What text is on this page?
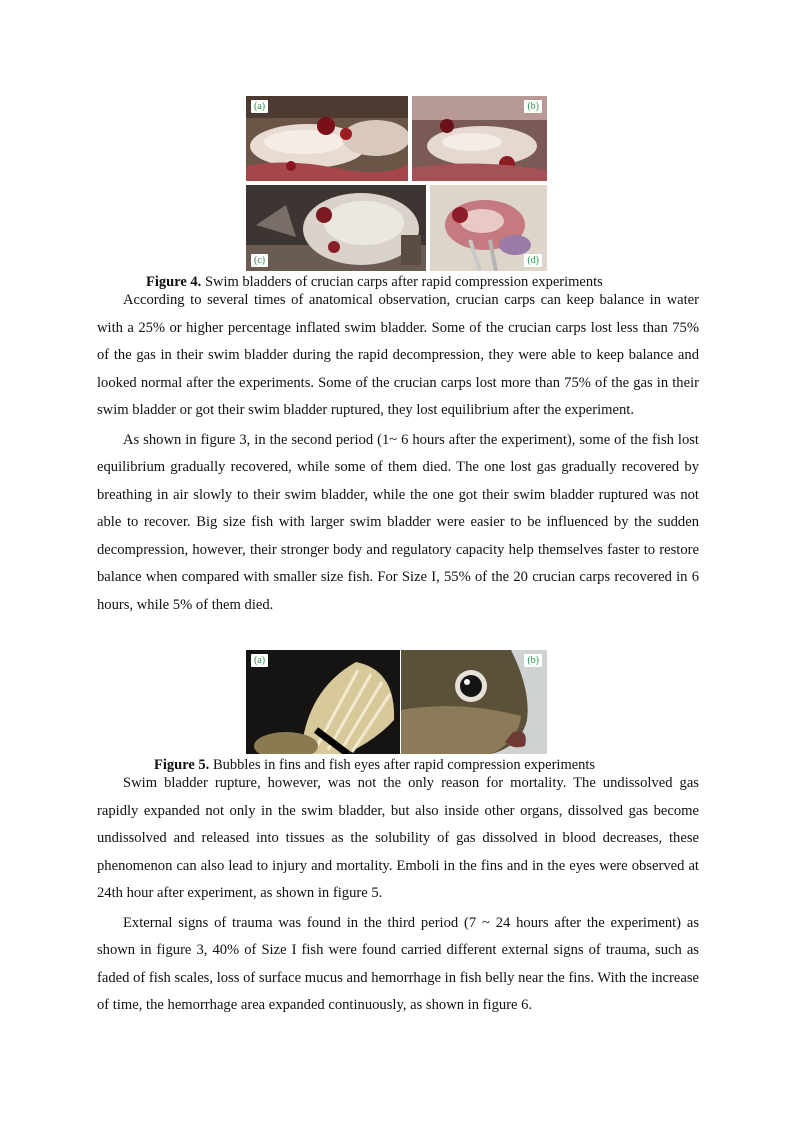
(a)	(b)
(c)	(d)
Figure 4. Swim bladders of crucian carps after rapid compression experiments

According to several times of anatomical observation, crucian carps can keep balance in water with a 25% or higher percentage inflated swim bladder. Some of the crucian carps lost less than 75% of the gas in their swim bladder during the rapid decompression, they were able to keep balance and looked normal after the experiments. Some of the crucian carps lost more than 75% of the gas in their swim bladder or got their swim bladder ruptured, they lost equilibrium after the experiment.

As shown in figure 3, in the second period (1~ 6 hours after the experiment), some of the fish lost equilibrium gradually recovered, while some of them died. The one lost gas gradually recovered by breathing in air slowly to their swim bladder, while the one got their swim bladder ruptured was not able to recover. Big size fish with larger swim bladder were easier to be influenced by the sudden decompression, however, their stronger body and regulatory capacity help themselves faster to restore balance when compared with smaller size fish. For Size I, 55% of the 20 crucian carps recovered in 6 hours, while 5% of them died.

(a)	(b)
Figure 5. Bubbles in fins and fish eyes after rapid compression experiments

Swim bladder rupture, however, was not the only reason for mortality. The undissolved gas rapidly expanded not only in the swim bladder, but also inside other organs, dissolved gas become undissolved and released into tissues as the solubility of gas dissolved in blood decreases, these phenomenon can also lead to injury and mortality. Emboli in the fins and in the eyes were observed at 24th hour after experiment, as shown in figure 5.

External signs of trauma was found in the third period (7 ~ 24 hours after the experiment) as shown in figure 3, 40% of Size I fish were found carried different external signs of trauma, such as faded of fish scales, loss of surface mucus and hemorrhage in fish belly near the fins. With the increase of time, the hemorrhage area expanded continuously, as shown in figure 6.
